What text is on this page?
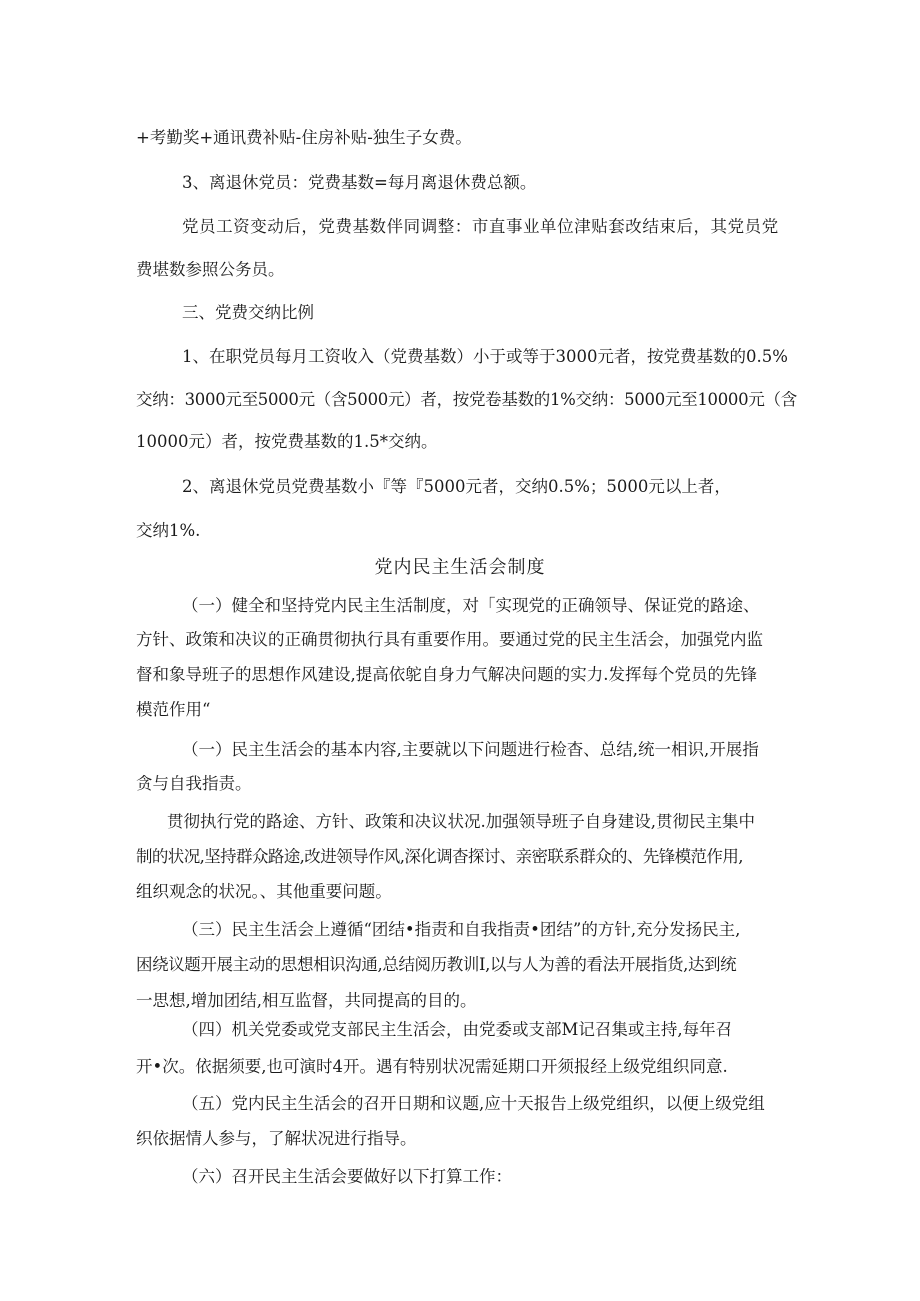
+考勤奖+通讯费补贴-住房补贴-独生子女费。
3、离退休党员：党费基数=每月离退休费总额。
党员工资变动后，党费基数伴同调整：市直事业单位津贴套改结束后，其党员党
费堪数参照公务员。
三、党费交纳比例
1、在职党员每月工资收入（党费基数）小于或等于3000元者，按党费基数的0.5%
交纳：3000元至5000元（含5000元）者，按党卷基数的1%交纳：5000元至10000元（含
10000元）者，按党费基数的1.5*交纳。
2、离退休党员党费基数小『等『5000元者，交纳0.5%；5000元以上者，
交纳1%.
党内民主生活会制度
（一）健全和坚持党内民主生活制度，对「实现党的正确领导、保证党的路途、
方针、政策和决议的正确贯彻执行具有重要作用。要通过党的民主生活会，加强党内监
督和象导班子的思想作风建设,提高依鸵自身力气解决问题的实力.发挥每个党员的先锋
模范作用“
（一）民主生活会的基本内容,主要就以下问题进行检杳、总结,统一相识,开展指
贪与自我指责。
贯彻执行党的路途、方针、政策和决议状况.加强领导班子自身建设,贯彻民主集中
制的状况,坚持群众路途,改进领导作风,深化调杳探讨、亲密联系群众的、先锋模范作用,
组织观念的状况。、其他重要问题。
（三）民主生活会上遵循“团结•指责和自我指责•团结”的方针,充分发扬民主,
困绕议题开展主动的思想相识沟通,总结阅历教训I,以与人为善的看法开展指货,达到统
一思想,增加团结,相互监督，共同提高的目的。
（四）机关党委或党支部民主生活会，由党委或支部M记召集或主持,每年召
开•次。依据须要,也可演时4开。遇有特别状况需延期口开须报经上级党组织同意.
（五）党内民主生活会的召开日期和议题,应十天报告上级党组织，以便上级党组
织依据情人参与，了解状况进行指导。
（六）召开民主生活会要做好以下打算工作：
